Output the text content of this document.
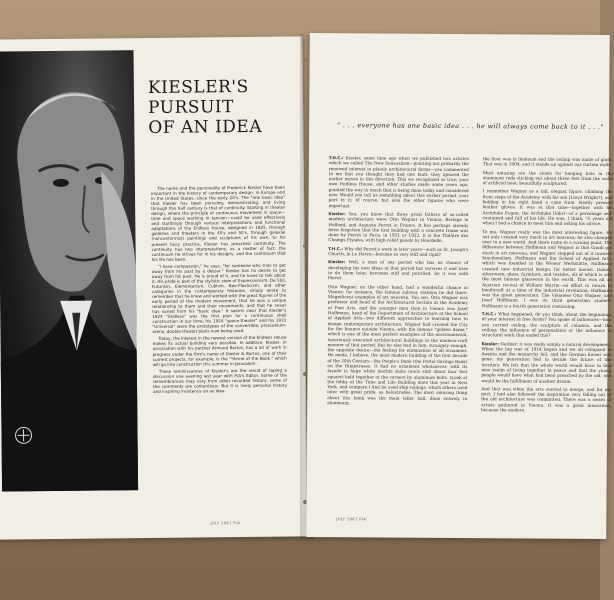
KIESLER'S
PURSUIT
OF AN IDEA

The name and the personality of Frederick Kiesler have been important in the history of contemporary design, in Europe and in the United States, since the early 20's. The "one basic idea" that Kiesler has been pursuing, demonstrating, and living through this half century is that of continuity. Starting in theater design, where the principle of continuous movement in space—time and space working in tension—could be used effectively and startlingly through various interpretations and functional adaptations of the Endless House, designed in 1925, through galleries and theaters in the 40's and 50's, through galaxial (nonconformist) paintings and sculptures of his own, to his present busy practice, Kiesler has preached continuity. The continuity has two interpretations, as a matter of fact: the continuum he strives for in his designs, and the continuum that his life has been.

"I have compassion," he says, "for someone who tries to get away from his past by a detour." Kiesler has no desire to get away from his past. He is proud of it, and he loves to talk about it. His pride is part of the stylistic stew of Expressionism, De Stijl, Futurism, Elementarism, Cubism, Neo-Plasticism, and other categories in the contemporary histories, simply wrote to remember that he knew and worked with the great figures of the early period of the modern movement, that he was a unique relationship to them and their movements, and that he never has varied from his "basic idea." It seems clear that Kiesler's 1924 "Endless" was the first plan for a continuous shell construction in our time; his 1924 "space-theater" and his 1931 "Universal" were the prototypes of the convertible, proscenium-arena, double-theater plans now being used.

Today, the interest in the newest version of the Endless House makes its actual building very possible. In addition, Kiesler, in association with his partner Armand Bartos, has a lot of work in progress under the firm's name of Kiesler & Bartos; one of their current projects, for example, is the "Shrine of the Book," which will go into construction this summer in Jerusalem.

These reminiscences of Kiesler's are the result of taping a discussion one evening last year with P/A's Editor. Some of the remembrances may vary from other recorded history; some of the comments are contentious. But it is lively personal history and inspiring insistence on an idea.

JULY 1961 P/A
" . . . everyone has one basic idea . . . he will always come back to it . . ."

T.H.C.: Kiesler, some time ago when we published two articles which we called The New Sensualism—pointing out primarily the renewed interest in plastic architectural forms—you commented to me that you thought they had one fault: they ignored the earlier moves in this direction. This we recognized as true; your own Endless House, and other studies made some years ago, pointed the way to much that is being done today and considered new. Would you tell us something about this earlier period, your part in it; of course, but also the other figures who were important.

Kiesler: You, you know that three great fathers of so-called modern architecture were Otto Wagner in Vienna, Berlage in Holland, and Auguste Perret in France. It has perhaps already been forgotten that the first building with a concrete frame was done by Perret in Paris, in 1921 or 1922. It is the Théâtre des Champs Elysées, with high-relief panels by Bourdelle.

T.H.C.: Why did Perret's work in later years—such as St. Joseph's Church, in Le Havre—become so very stiff and rigid?

Kiesler: Well, a man of any period who has no chance of developing his own ideas at that period but survives it and tries to do them later, becomes stiff and petrified. So it was with Perret.

Otto Wagner, on the other hand, had a wonderful chance in Vienna; for instance, the famous subway stations he did there. Magnificent examples of art nouveau. You see, Otto Wagner was professor and head of the Architectural Section at the Academy of Fine Arts, and the younger men then in Vienna was Josef Hoffmann, head of the Department of Architecture at the School of Applied Arts—two different approaches to learning how to design contemporary architecture. Wagner had created the City for the finance outside Vienna, with the famous "golden dome," which is one of the most perfect examples of the environmental, luxuriously executed architectural buildings in the modern-craft manner of that period. But he also had in him, strangely enough, the opposite desire—the feeling for elimination of all ornament. He made, I believe, the most modern building of the first decade of the 20th Century—the People's Bank (the Postal Savings Bank) on the Ringstrasse. It had no ornament whatsoever, with its façade in huge white marble slabs (each slab about four feet square) held together at the corners by aluminum bolts. (Look at the lobby of the Time and Life Building done this year in New York, and compare.) And he used ship-railings, which others used later with great pride, as balustrades. The most amazing thing about this bank was the main teller hall, done entirely in aluminum;

the floor was in linoleum and the ceiling was made of glass. That was in 1904, and it stands up against our curtain walls.

Most amazing are the stools for hanging hats in the aluminum rods sticking out about three feet from the walls of artificial heat, beautifully sculptured.

I remember Wagner as a tall, elegant figure, climbing the front steps of the Academy with his son [Lloyd Wright?], and holding in his right hand a cane from. Neatly pressed leather gloves. It was at that time—together with his Archduke Eugen, the Archduke Dohrl—of a personage self-contained and full of his life. He was, I think, 75 years old when I had a chance to meet him and asking his advice.

To me, Wagner really was the most interesting figure. He not only created very much in art nouveau; he also changed over to a new world. And there came to a turning point. The difference between Hoffmann and Wagner is that Gaudí got stuck in art nouveau, and Wagner stepped out of it towards functionalism. Hoffmann and the School of Applied Arts, which was founded in the Wiener Werkstätte, Hoffmann created new industrial design, far better known. Dolors, silverware, glass, furniture, and textiles, all of which is still the most famous glassware in the world. This was all an Austrian revival of William Morris—an effort to return to handicraft at a time of the industrial revolution, Hoffmann was the great generation. The Viennese Otto Wagner, and Josef Hoffmann. I was its third generation student. Hoffmann is a fourth generation continuing.

T.H.C.: What happened, do you think, about the beginnings of your interest in free forms? You spoke of influences—how you carried ceiling, the sculpture of columns, and the ceiling; the influence of personalities or the influence of structural work that ended this?

Kiesler: Neither; it was really simply a natural development. When the big war of 1914 began and we all collapsed in Austria and the monarchy fell, and the German Kaiser was gone, my generation had to decide the future of the territory. We felt that the whole world would have to find new realm of living together in peace and that the young people would have what had been preached by the old, and would be the fulfillment of another dream.

And that was when the arts started to merge, and for my part, I had also followed the inspiration very falling out of the old architecture was committed. There was a series of artists gathered in Vienna. It was a great innovation, because the modern

JULY 1961 P/A
